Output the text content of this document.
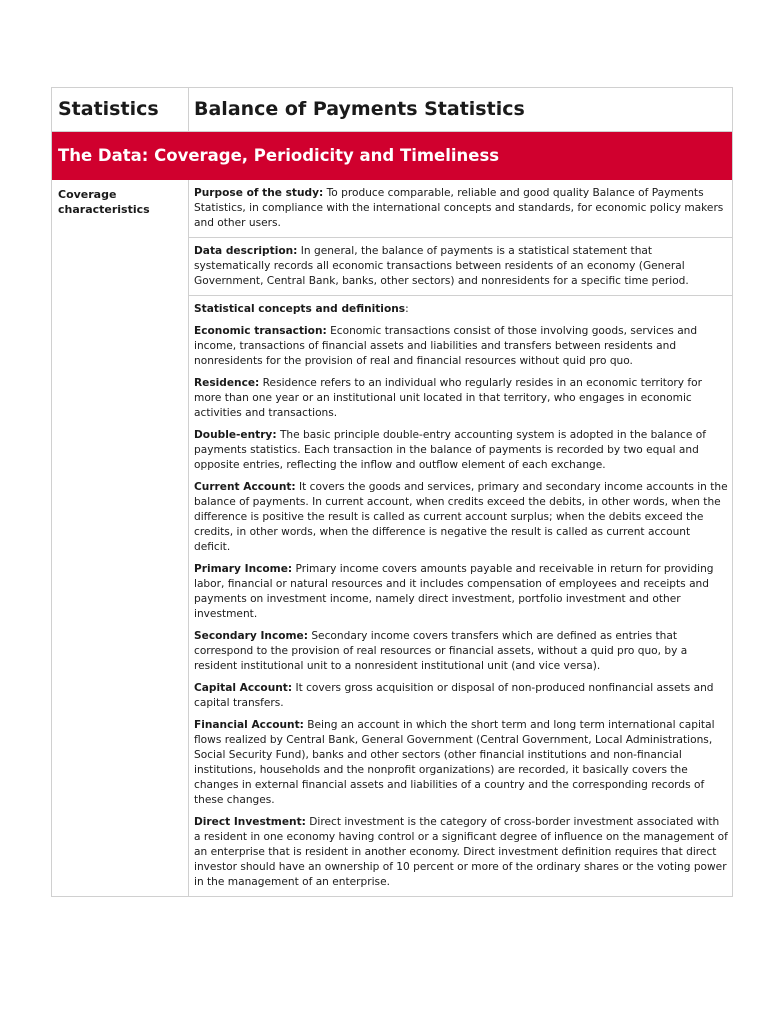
Statistics	Balance of Payments Statistics
The Data: Coverage, Periodicity and Timeliness
Coverage characteristics
Purpose of the study: To produce comparable, reliable and good quality Balance of Payments Statistics, in compliance with the international concepts and standards, for economic policy makers and other users.
Data description: In general, the balance of payments is a statistical statement that systematically records all economic transactions between residents of an economy (General Government, Central Bank, banks, other sectors) and nonresidents for a specific time period.

Statistical concepts and definitions:

Economic transaction: Economic transactions consist of those involving goods, services and income, transactions of financial assets and liabilities and transfers between residents and nonresidents for the provision of real and financial resources without quid pro quo.

Residence: Residence refers to an individual who regularly resides in an economic territory for more than one year or an institutional unit located in that territory, who engages in economic activities and transactions.

Double-entry: The basic principle double-entry accounting system is adopted in the balance of payments statistics. Each transaction in the balance of payments is recorded by two equal and opposite entries, reflecting the inflow and outflow element of each exchange.

Current Account: It covers the goods and services, primary and secondary income accounts in the balance of payments. In current account, when credits exceed the debits, in other words, when the difference is positive the result is called as current account surplus; when the debits exceed the credits, in other words, when the difference is negative the result is called as current account deficit.

Primary Income: Primary income covers amounts payable and receivable in return for providing labor, financial or natural resources and it includes compensation of employees and receipts and payments on investment income, namely direct investment, portfolio investment and other investment.

Secondary Income: Secondary income covers transfers which are defined as entries that correspond to the provision of real resources or financial assets, without a quid pro quo, by a resident institutional unit to a nonresident institutional unit (and vice versa).

Capital Account: It covers gross acquisition or disposal of non-produced nonfinancial assets and capital transfers.

Financial Account: Being an account in which the short term and long term international capital flows realized by Central Bank, General Government (Central Government, Local Administrations, Social Security Fund), banks and other sectors (other financial institutions and non-financial institutions, households and the nonprofit organizations) are recorded, it basically covers the changes in external financial assets and liabilities of a country and the corresponding records of these changes.

Direct Investment: Direct investment is the category of cross-border investment associated with a resident in one economy having control or a significant degree of influence on the management of an enterprise that is resident in another economy. Direct investment definition requires that direct investor should have an ownership of 10 percent or more of the ordinary shares or the voting power in the management of an enterprise.
